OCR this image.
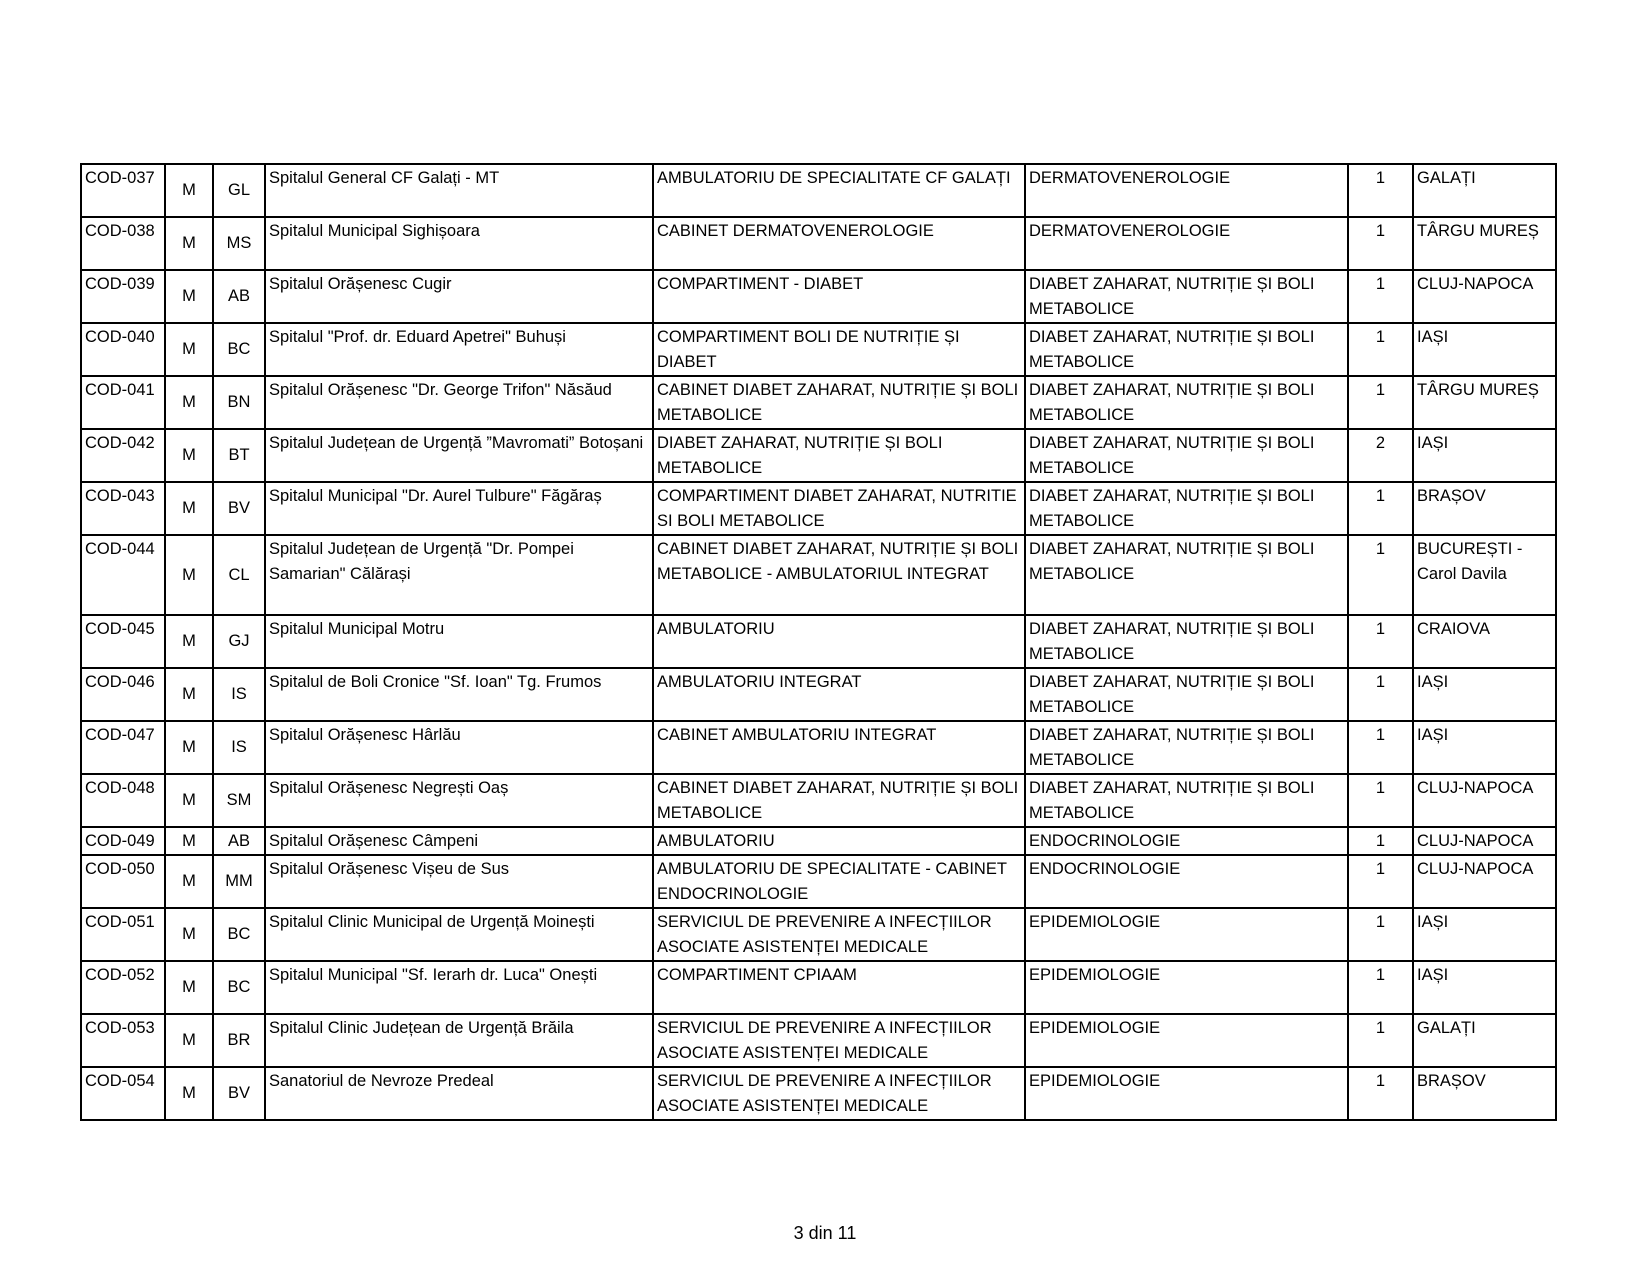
COD-037	M	GL	Spitalul General CF Galați - MT	AMBULATORIU DE SPECIALITATE CF GALAȚI	DERMATOVENEROLOGIE	1	GALAȚI
COD-038	M	MS	Spitalul Municipal Sighișoara	CABINET DERMATOVENEROLOGIE	DERMATOVENEROLOGIE	1	TÂRGU MUREȘ
COD-039	M	AB	Spitalul Orășenesc Cugir	COMPARTIMENT - DIABET	DIABET ZAHARAT, NUTRIȚIE ȘI BOLI METABOLICE	1	CLUJ-NAPOCA
COD-040	M	BC	Spitalul "Prof. dr. Eduard Apetrei" Buhuși	COMPARTIMENT BOLI DE NUTRIȚIE ȘI DIABET	DIABET ZAHARAT, NUTRIȚIE ȘI BOLI METABOLICE	1	IAȘI
COD-041	M	BN	Spitalul Orășenesc "Dr. George Trifon" Năsăud	CABINET DIABET ZAHARAT, NUTRIȚIE ȘI BOLI METABOLICE	DIABET ZAHARAT, NUTRIȚIE ȘI BOLI METABOLICE	1	TÂRGU MUREȘ
COD-042	M	BT	Spitalul Județean de Urgență ”Mavromati” Botoșani	DIABET ZAHARAT, NUTRIȚIE ȘI BOLI METABOLICE	DIABET ZAHARAT, NUTRIȚIE ȘI BOLI METABOLICE	2	IAȘI
COD-043	M	BV	Spitalul Municipal "Dr. Aurel Tulbure" Făgăraș	COMPARTIMENT DIABET ZAHARAT, NUTRITIE SI BOLI METABOLICE	DIABET ZAHARAT, NUTRIȚIE ȘI BOLI METABOLICE	1	BRAȘOV
COD-044	M	CL	Spitalul Județean de Urgență "Dr. Pompei Samarian" Călărași	CABINET DIABET ZAHARAT, NUTRIȚIE ȘI BOLI METABOLICE - AMBULATORIUL INTEGRAT	DIABET ZAHARAT, NUTRIȚIE ȘI BOLI METABOLICE	1	BUCUREȘTI - Carol Davila
COD-045	M	GJ	Spitalul Municipal Motru	AMBULATORIU	DIABET ZAHARAT, NUTRIȚIE ȘI BOLI METABOLICE	1	CRAIOVA
COD-046	M	IS	Spitalul de Boli Cronice "Sf. Ioan" Tg. Frumos	AMBULATORIU INTEGRAT	DIABET ZAHARAT, NUTRIȚIE ȘI BOLI METABOLICE	1	IAȘI
COD-047	M	IS	Spitalul Orășenesc Hârlău	CABINET AMBULATORIU INTEGRAT	DIABET ZAHARAT, NUTRIȚIE ȘI BOLI METABOLICE	1	IAȘI
COD-048	M	SM	Spitalul Orășenesc Negrești Oaș	CABINET DIABET ZAHARAT, NUTRIȚIE ȘI BOLI METABOLICE	DIABET ZAHARAT, NUTRIȚIE ȘI BOLI METABOLICE	1	CLUJ-NAPOCA
COD-049	M	AB	Spitalul Orășenesc Câmpeni	AMBULATORIU	ENDOCRINOLOGIE	1	CLUJ-NAPOCA
COD-050	M	MM	Spitalul Orășenesc Vișeu de Sus	AMBULATORIU DE SPECIALITATE - CABINET ENDOCRINOLOGIE	ENDOCRINOLOGIE	1	CLUJ-NAPOCA
COD-051	M	BC	Spitalul Clinic Municipal de Urgență Moinești	SERVICIUL DE PREVENIRE A INFECȚIILOR ASOCIATE ASISTENȚEI MEDICALE	EPIDEMIOLOGIE	1	IAȘI
COD-052	M	BC	Spitalul Municipal "Sf. Ierarh dr. Luca" Onești	COMPARTIMENT CPIAAM	EPIDEMIOLOGIE	1	IAȘI
COD-053	M	BR	Spitalul Clinic Județean de Urgență Brăila	SERVICIUL DE PREVENIRE A INFECȚIILOR ASOCIATE ASISTENȚEI MEDICALE	EPIDEMIOLOGIE	1	GALAȚI
COD-054	M	BV	Sanatoriul de Nevroze Predeal	SERVICIUL DE PREVENIRE A INFECȚIILOR ASOCIATE ASISTENȚEI MEDICALE	EPIDEMIOLOGIE	1	BRAȘOV
3 din 11
